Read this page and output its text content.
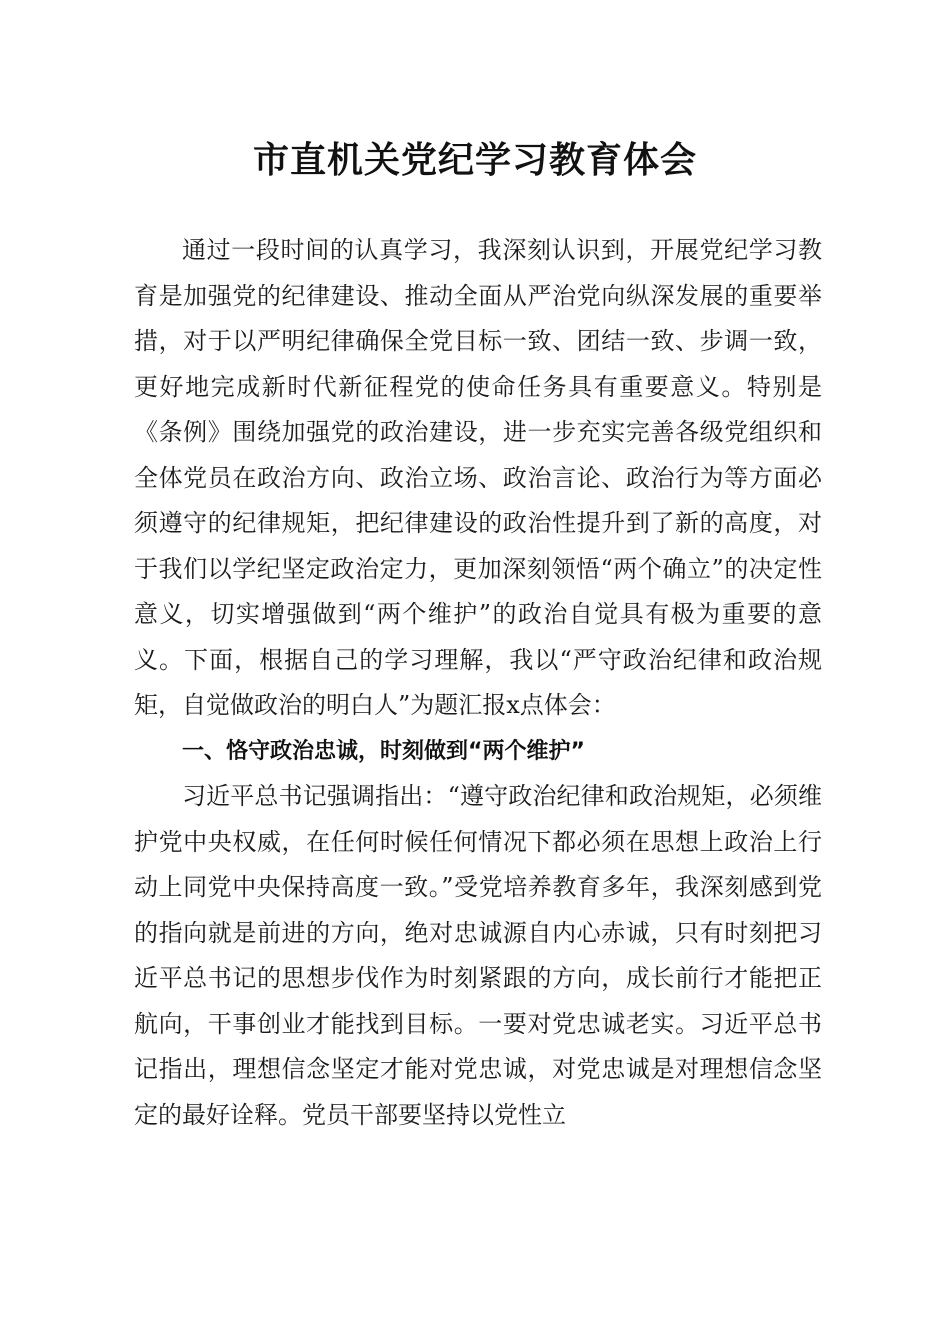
市直机关党纪学习教育体会

通过一段时间的认真学习，我深刻认识到，开展党纪学习教育是加强党的纪律建设、推动全面从严治党向纵深发展的重要举措，对于以严明纪律确保全党目标一致、团结一致、步调一致，更好地完成新时代新征程党的使命任务具有重要意义。特别是《条例》围绕加强党的政治建设，进一步充实完善各级党组织和全体党员在政治方向、政治立场、政治言论、政治行为等方面必须遵守的纪律规矩，把纪律建设的政治性提升到了新的高度，对于我们以学纪坚定政治定力，更加深刻领悟“两个确立”的决定性意义，切实增强做到“两个维护”的政治自觉具有极为重要的意义。下面，根据自己的学习理解，我以“严守政治纪律和政治规矩，自觉做政治的明白人”为题汇报x点体会：

一、恪守政治忠诚，时刻做到“两个维护”

习近平总书记强调指出：“遵守政治纪律和政治规矩，必须维护党中央权威，在任何时候任何情况下都必须在思想上政治上行动上同党中央保持高度一致。”受党培养教育多年，我深刻感到党的指向就是前进的方向，绝对忠诚源自内心赤诚，只有时刻把习近平总书记的思想步伐作为时刻紧跟的方向，成长前行才能把正航向，干事创业才能找到目标。一要对党忠诚老实。习近平总书记指出，理想信念坚定才能对党忠诚，对党忠诚是对理想信念坚定的最好诠释。党员干部要坚持以党性立
